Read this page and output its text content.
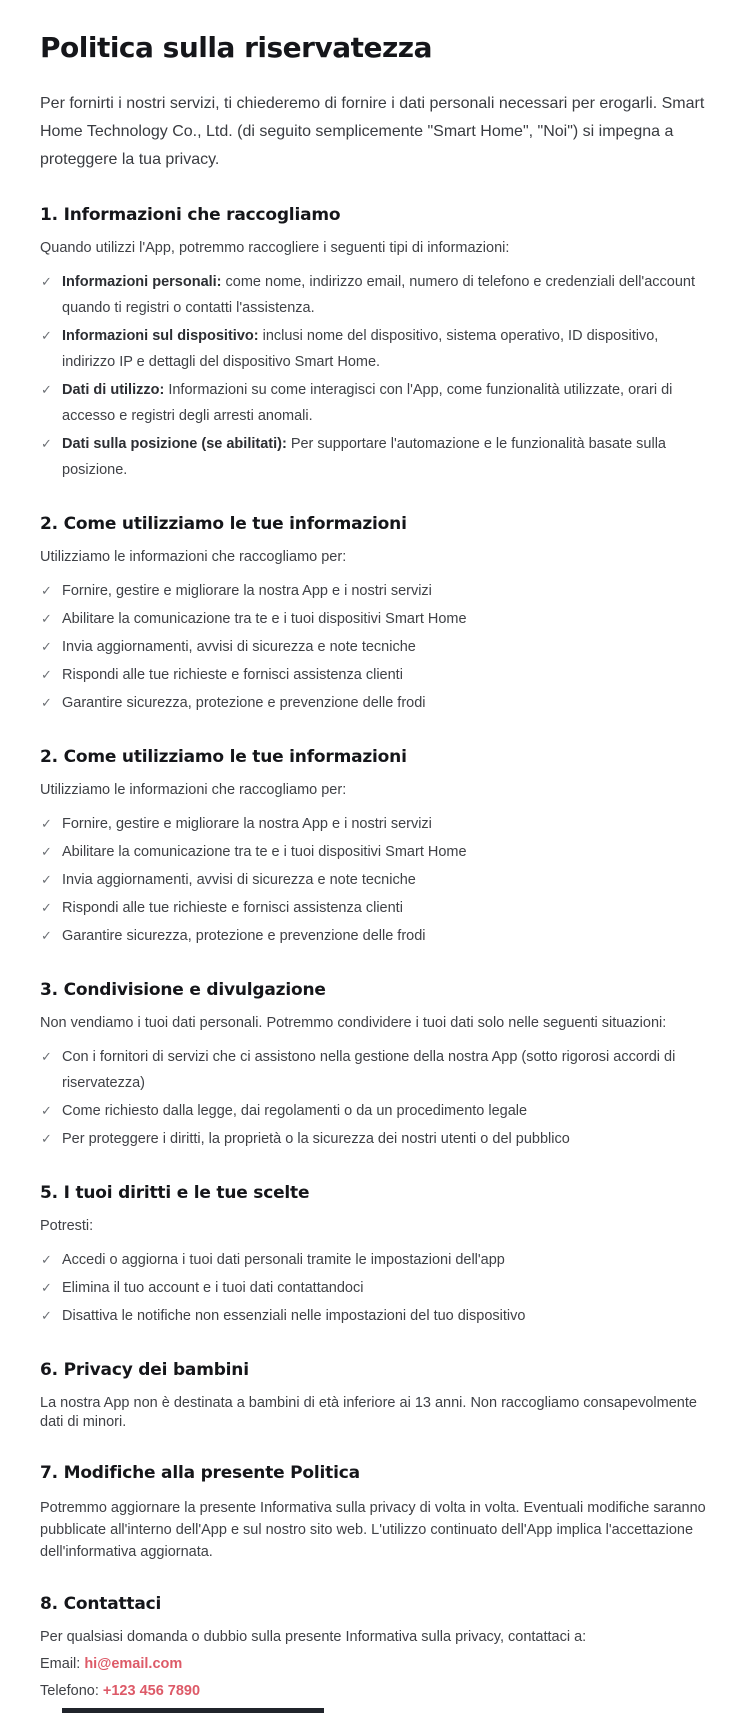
Politica sulla riservatezza

Per fornirti i nostri servizi, ti chiederemo di fornire i dati personali necessari per erogarli. Smart Home Technology Co., Ltd. (di seguito semplicemente "Smart Home", "Noi") si impegna a proteggere la tua privacy.

1. Informazioni che raccogliamo

Quando utilizzi l'App, potremmo raccogliere i seguenti tipi di informazioni:

✓ Informazioni personali: come nome, indirizzo email, numero di telefono e credenziali dell'account quando ti registri o contatti l'assistenza.
✓ Informazioni sul dispositivo: inclusi nome del dispositivo, sistema operativo, ID dispositivo, indirizzo IP e dettagli del dispositivo Smart Home.
✓ Dati di utilizzo: Informazioni su come interagisci con l'App, come funzionalità utilizzate, orari di accesso e registri degli arresti anomali.
✓ Dati sulla posizione (se abilitati): Per supportare l'automazione e le funzionalità basate sulla posizione.
2. Come utilizziamo le tue informazioni

Utilizziamo le informazioni che raccogliamo per:

✓ Fornire, gestire e migliorare la nostra App e i nostri servizi
✓ Abilitare la comunicazione tra te e i tuoi dispositivi Smart Home
✓ Invia aggiornamenti, avvisi di sicurezza e note tecniche
✓ Rispondi alle tue richieste e fornisci assistenza clienti
✓ Garantire sicurezza, protezione e prevenzione delle frodi
2. Come utilizziamo le tue informazioni

Utilizziamo le informazioni che raccogliamo per:

✓ Fornire, gestire e migliorare la nostra App e i nostri servizi
✓ Abilitare la comunicazione tra te e i tuoi dispositivi Smart Home
✓ Invia aggiornamenti, avvisi di sicurezza e note tecniche
✓ Rispondi alle tue richieste e fornisci assistenza clienti
✓ Garantire sicurezza, protezione e prevenzione delle frodi
3. Condivisione e divulgazione

Non vendiamo i tuoi dati personali. Potremmo condividere i tuoi dati solo nelle seguenti situazioni:

✓ Con i fornitori di servizi che ci assistono nella gestione della nostra App (sotto rigorosi accordi di riservatezza)
✓ Come richiesto dalla legge, dai regolamenti o da un procedimento legale
✓ Per proteggere i diritti, la proprietà o la sicurezza dei nostri utenti o del pubblico
5. I tuoi diritti e le tue scelte

Potresti:

✓ Accedi o aggiorna i tuoi dati personali tramite le impostazioni dell'app
✓ Elimina il tuo account e i tuoi dati contattandoci
✓ Disattiva le notifiche non essenziali nelle impostazioni del tuo dispositivo
6. Privacy dei bambini

La nostra App non è destinata a bambini di età inferiore ai 13 anni. Non raccogliamo consapevolmente dati di minori.

7. Modifiche alla presente Politica

Potremmo aggiornare la presente Informativa sulla privacy di volta in volta. Eventuali modifiche saranno pubblicate all'interno dell'App e sul nostro sito web. L'utilizzo continuato dell'App implica l'accettazione dell'informativa aggiornata.

8. Contattaci

Per qualsiasi domanda o dubbio sulla presente Informativa sulla privacy, contattaci a:

Email: hi@email.com

Telefono: +123 456 7890
